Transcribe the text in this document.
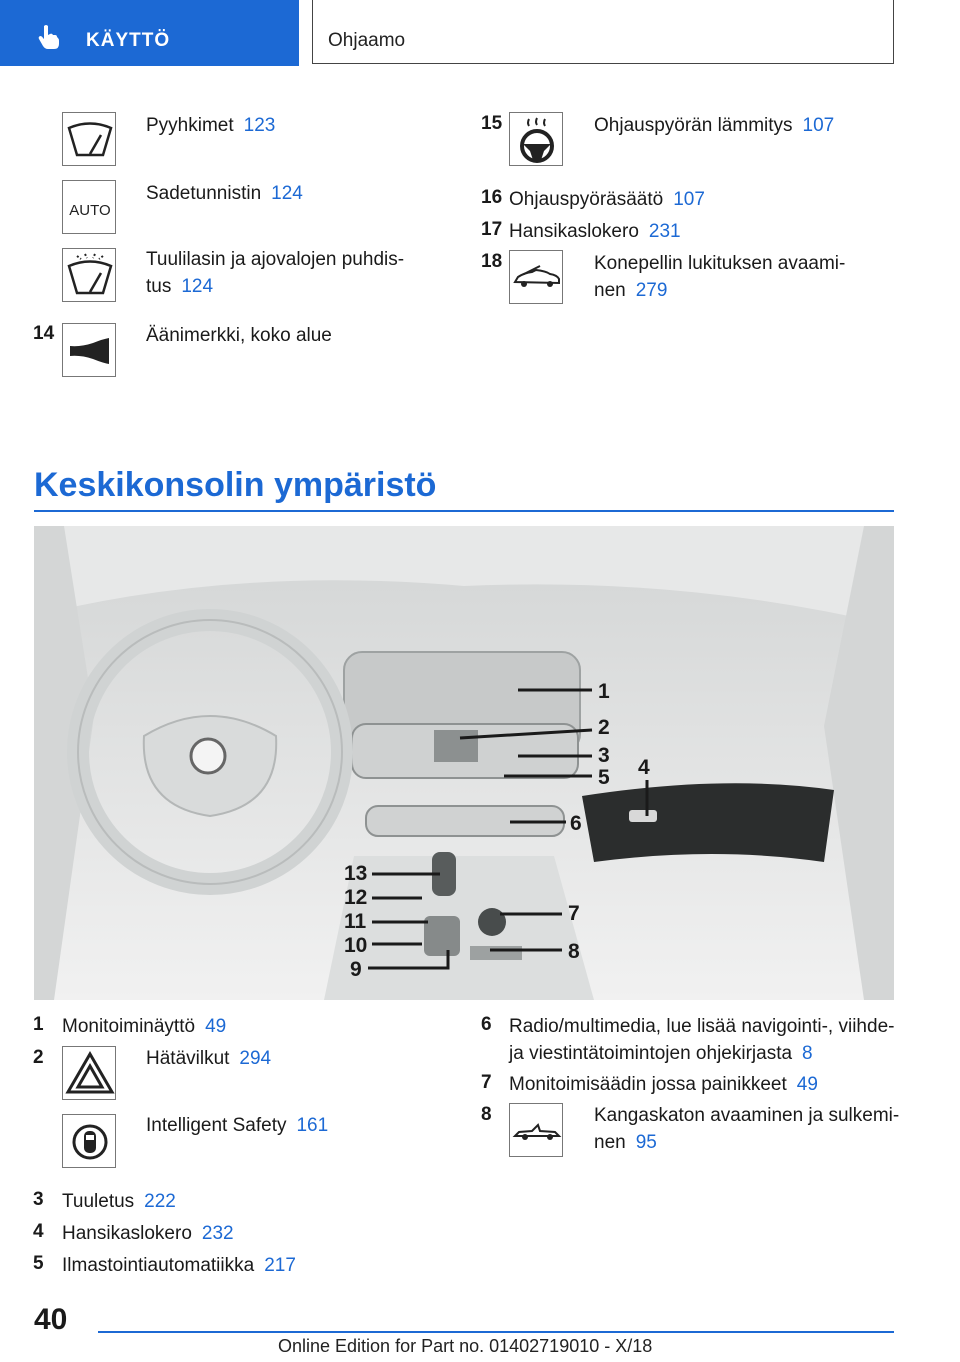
KÄYTTÖ	Ohjaamo
Pyyhkimet 123
AUTO
Sadetunnistin 124
Tuulilasin ja ajovalojen puhdis-
tus 124
14	Äänimerkki, koko alue
15	Ohjauspyörän lämmitys 107
16 Ohjauspyöräsäätö 107
17 Hansikaslokero 231
18	Konepellin lukituksen avaami-
nen 279
Keskikonsolin ympäristö
1
2
3
4
5
6
7
8
9
10
11
12
13
1 Monitoiminäyttö 49
2	Hätävilkut 294
Intelligent Safety 161
3 Tuuletus 222
4 Hansikaslokero 232
5 Ilmastointiautomatiikka 217
6 Radio/multimedia, lue lisää navigointi-, viihde-
ja viestintätoimintojen ohjekirjasta 8
7 Monitoimisäädin jossa painikkeet 49
8	Kangaskaton avaaminen ja sulkemi-
nen 95
40
Online Edition for Part no. 01402719010 - X/18
